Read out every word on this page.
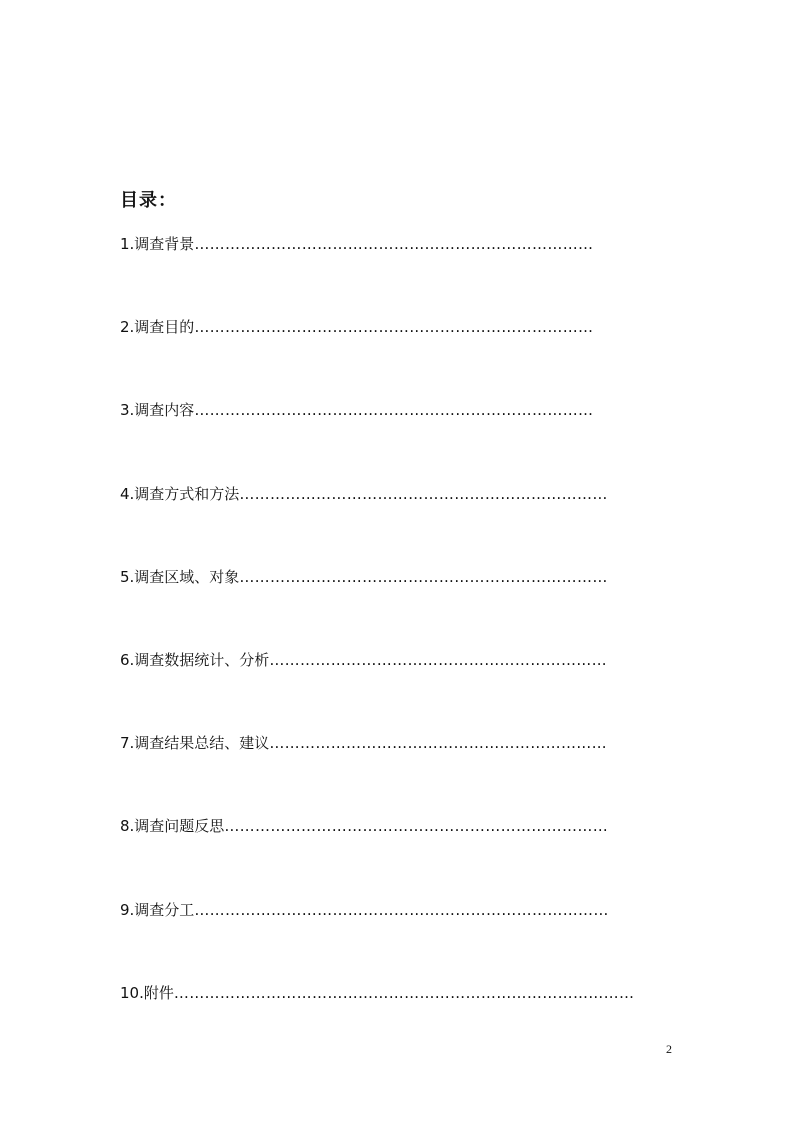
目录：
1.调查背景……………………………………………………………………
2.调查目的……………………………………………………………………
3.调查内容……………………………………………………………………
4.调查方式和方法………………………………………………………………
5.调查区域、对象………………………………………………………………
6.调查数据统计、分析…………………………………………………………
7.调查结果总结、建议…………………………………………………………
8.调查问题反思…………………………………………………………………
9.调查分工………………………………………………………………………
10.附件………………………………………………………………………………
2
